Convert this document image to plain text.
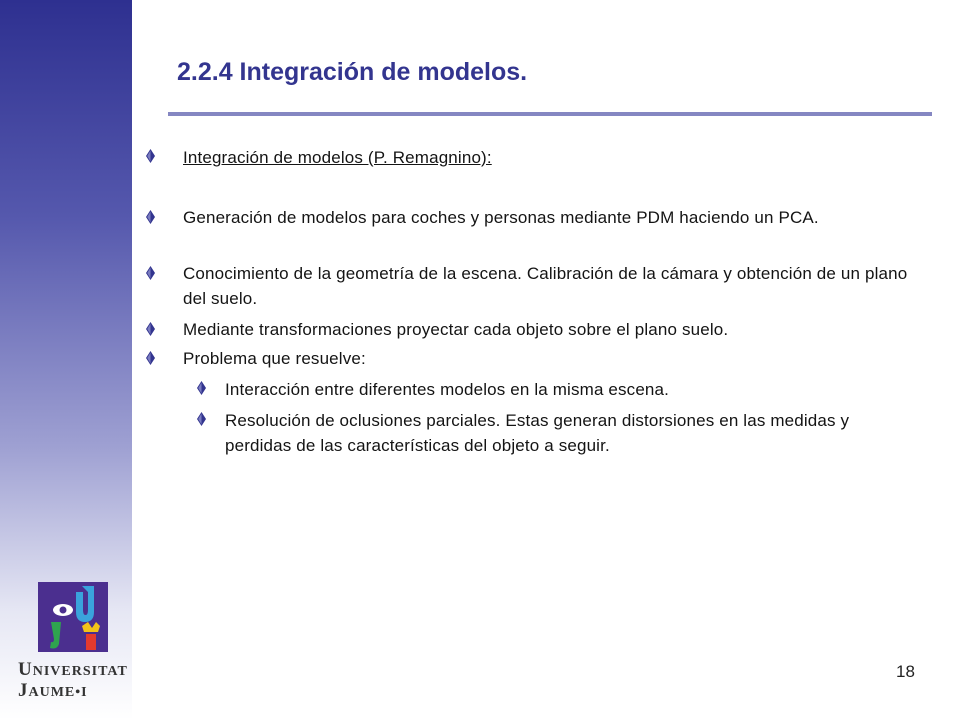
2.2.4 Integración de modelos.

Integración de modelos (P. Remagnino):

Generación de modelos para coches y personas mediante PDM haciendo un PCA.

Conocimiento de la geometría de la escena. Calibración de la cámara y obtención de un plano del suelo.

Mediante transformaciones proyectar cada objeto sobre el plano suelo.

Problema que resuelve:

Interacción entre diferentes modelos en la misma escena.

Resolución de oclusiones parciales. Estas generan distorsiones en las medidas y perdidas de las características del objeto a seguir.

UNIVERSITAT

JAUME•I

18
